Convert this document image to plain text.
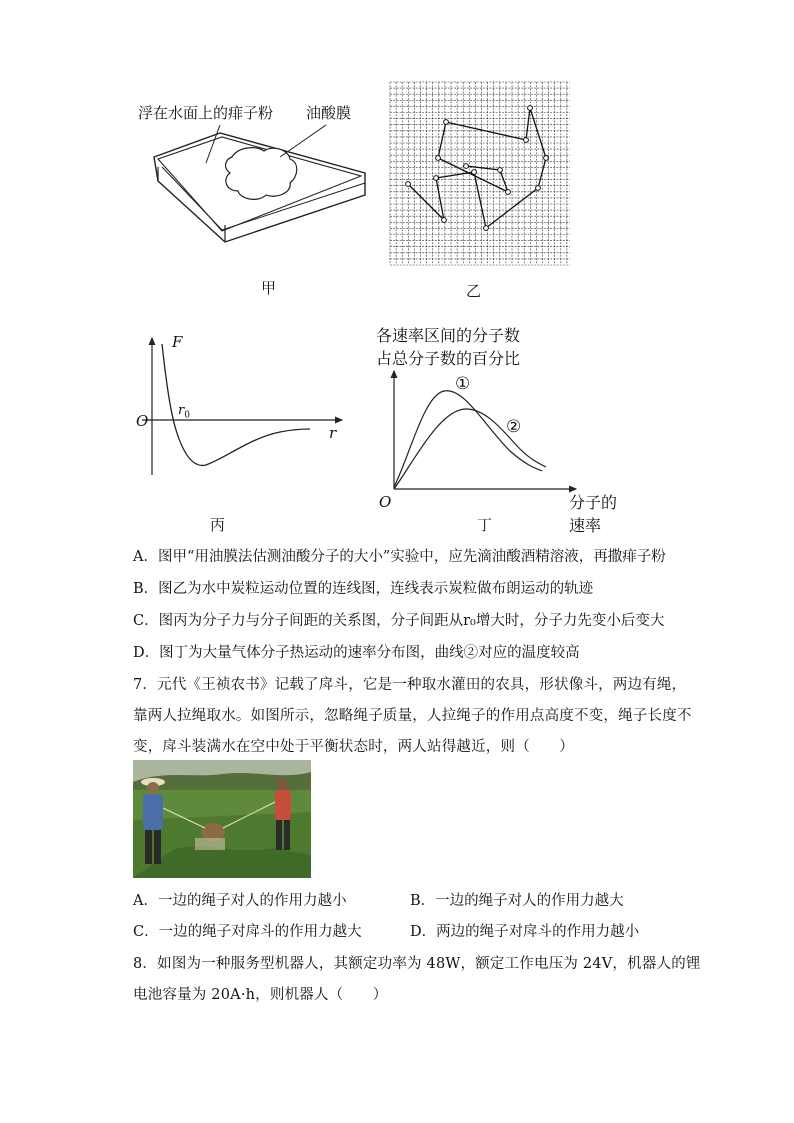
浮在水面上的痱子粉 油酸膜
甲	乙
F
O
$r_0$
r
丙
各速率区间的分子数
占总分子数的百分比
①
②
O	分子的
速率
丁
A．图甲“用油膜法估测油酸分子的大小”实验中，应先滴油酸酒精溶液，再撒痱子粉
B．图乙为水中炭粒运动位置的连线图，连线表示炭粒做布朗运动的轨迹
C．图丙为分子力与分子间距的关系图，分子间距从r₀增大时，分子力先变小后变大
D．图丁为大量气体分子热运动的速率分布图，曲线②对应的温度较高
7．元代《王祯农书》记载了戽斗，它是一种取水灌田的农具，形状像斗，两边有绳，
靠两人拉绳取水。如图所示，忽略绳子质量，人拉绳子的作用点高度不变，绳子长度不
变，戽斗装满水在空中处于平衡状态时，两人站得越近，则（　　）
A．一边的绳子对人的作用力越小	B．一边的绳子对人的作用力越大
C．一边的绳子对戽斗的作用力越大	D．两边的绳子对戽斗的作用力越小
8．如图为一种服务型机器人，其额定功率为 48W，额定工作电压为 24V，机器人的锂
电池容量为 20A·h，则机器人（　　）
